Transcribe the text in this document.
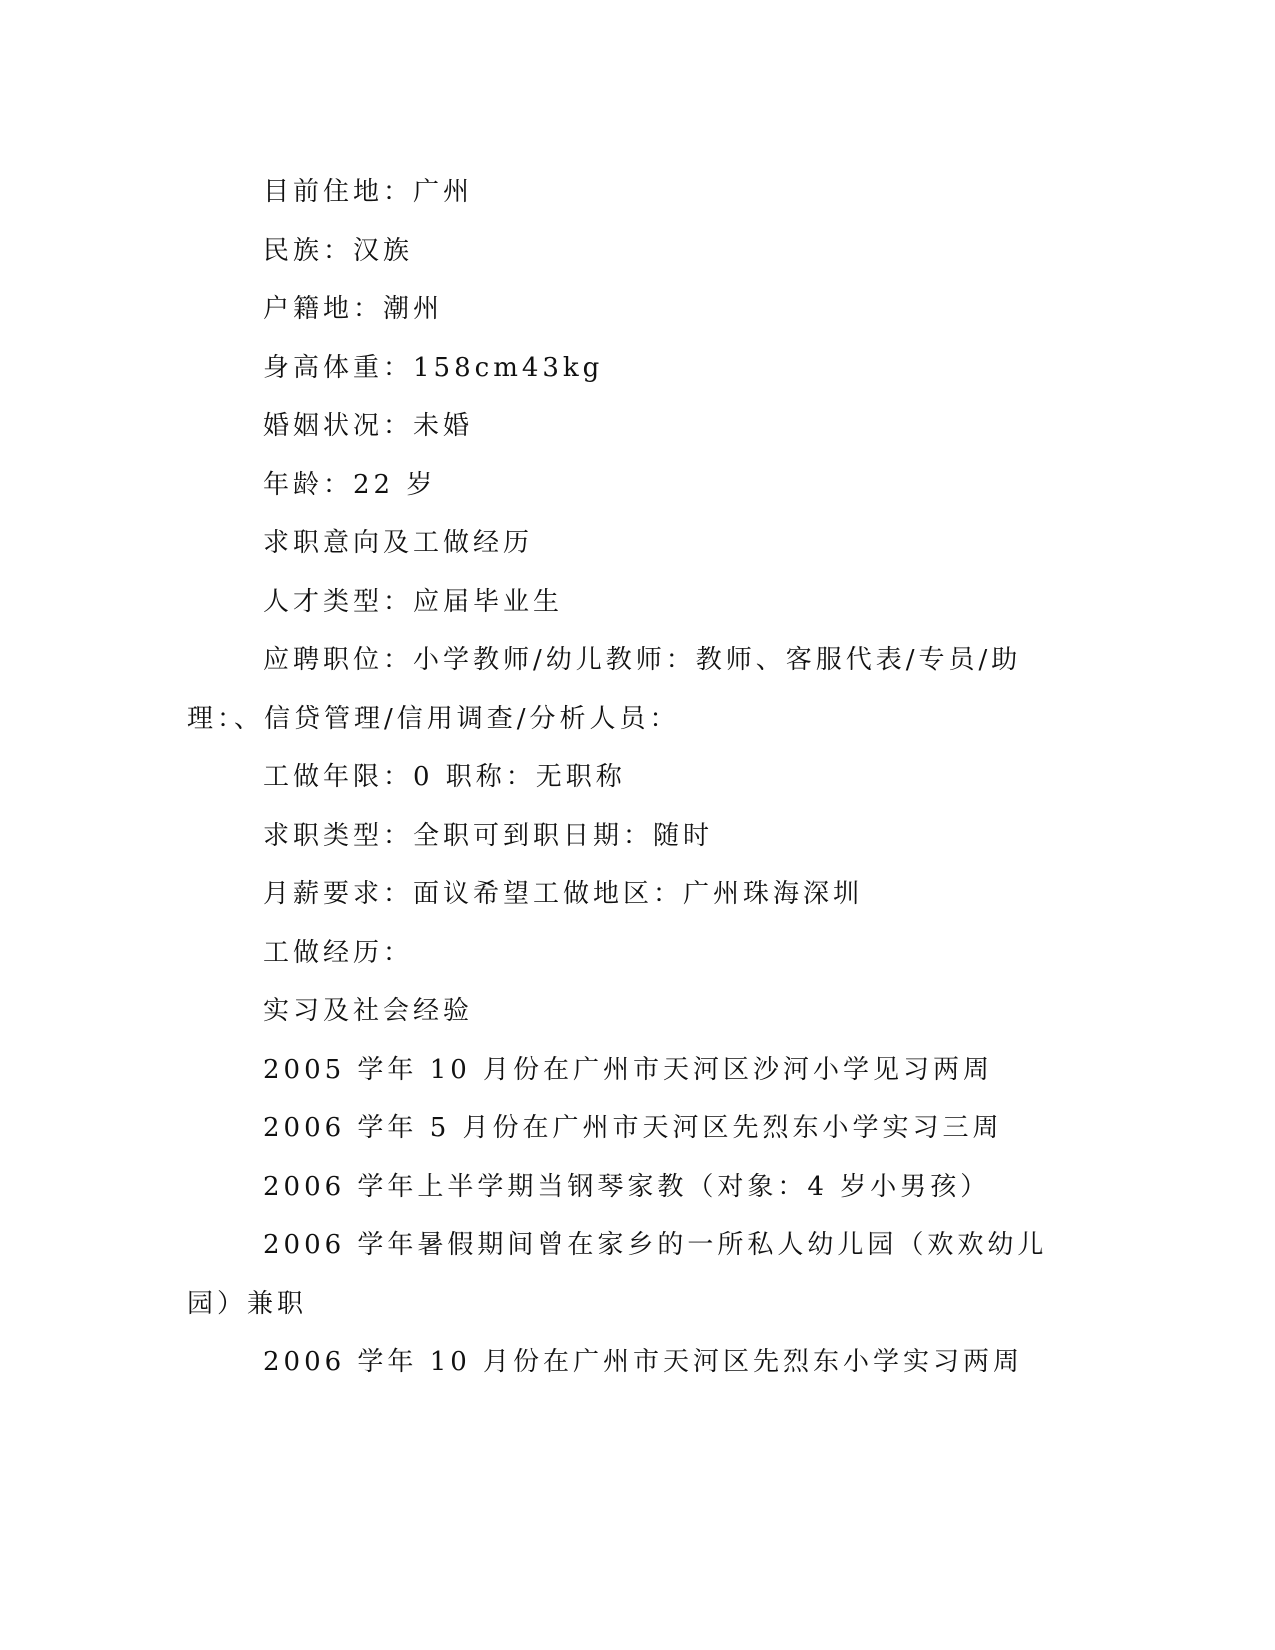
目前住地：广州

民族：汉族

户籍地：潮州

身高体重：158cm43kg

婚姻状况：未婚

年龄：22 岁

求职意向及工做经历

人才类型：应届毕业生

应聘职位：小学教师/幼儿教师：教师、客服代表/专员/助理：、信贷管理/信用调查/分析人员：

工做年限：0 职称：无职称

求职类型：全职可到职日期：随时

月薪要求：面议希望工做地区：广州珠海深圳

工做经历：

实习及社会经验

2005 学年 10 月份在广州市天河区沙河小学见习两周

2006 学年 5 月份在广州市天河区先烈东小学实习三周

2006 学年上半学期当钢琴家教（对象：4 岁小男孩）

2006 学年暑假期间曾在家乡的一所私人幼儿园（欢欢幼儿园）兼职

2006 学年 10 月份在广州市天河区先烈东小学实习两周
